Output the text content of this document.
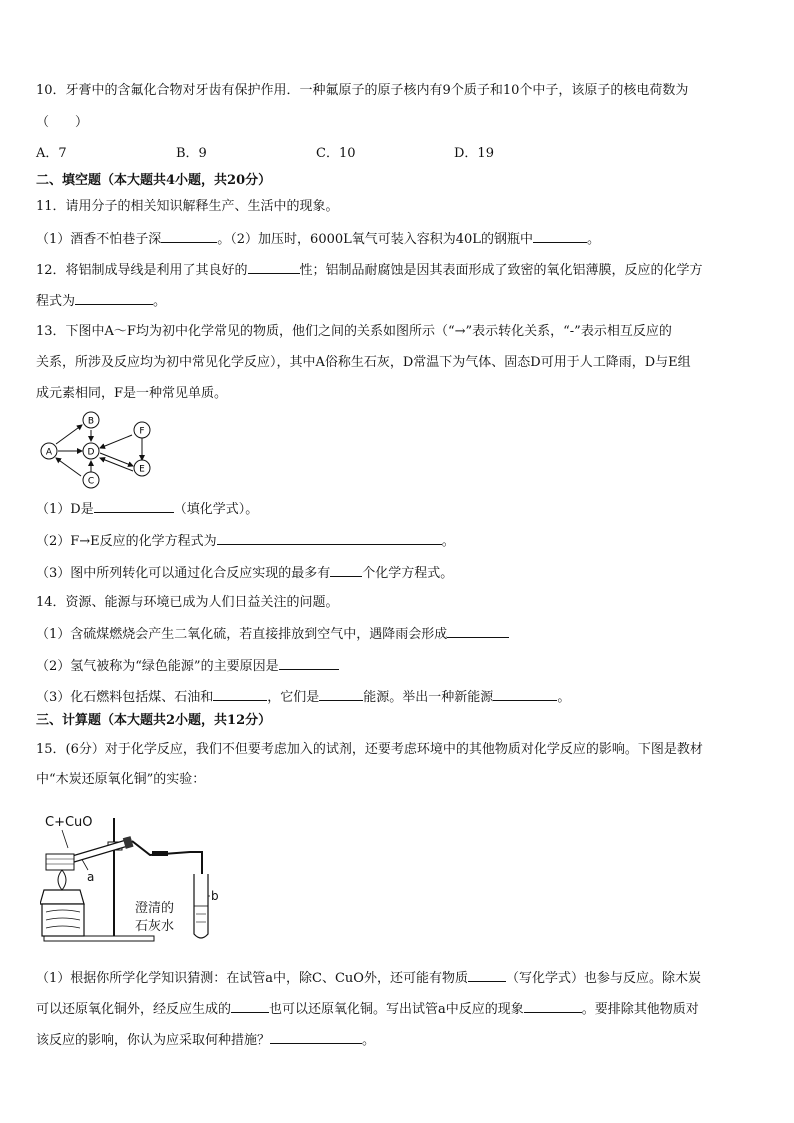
10．牙膏中的含氟化合物对牙齿有保护作用．一种氟原子的原子核内有9个质子和10个中子，该原子的核电荷数为
（　　）
A．7	B．9	C．10	D．19
二、填空题（本大题共4小题，共20分）
11．请用分子的相关知识解释生产、生活中的现象。
（1）酒香不怕巷子深	。（2）加压时，6000L氧气可装入容积为40L的钢瓶中	。
12．将铝制成导线是利用了其良好的	性；铝制品耐腐蚀是因其表面形成了致密的氧化铝薄膜，反应的化学方
程式为	。
13．下图中A～F均为初中化学常见的物质，他们之间的关系如图所示（“→”表示转化关系，“-”表示相互反应的
关系，所涉及反应均为初中常见化学反应），其中A俗称生石灰，D常温下为气体、固态D可用于人工降雨，D与E组
成元素相同，F是一种常见单质。
A
B
C
D
E
F
（1）D是	（填化学式）。
（2）F→E反应的化学方程式为	。
（3）图中所列转化可以通过化合反应实现的最多有 个化学方程式。
14．资源、能源与环境已成为人们日益关注的问题。
（1）含硫煤燃烧会产生二氧化硫，若直接排放到空气中，遇降雨会形成
（2）氢气被称为“绿色能源”的主要原因是
（3）化石燃料包括煤、石油和	，它们是	能源。举出一种新能源	。
三、计算题（本大题共2小题，共12分）
15．(6分）对于化学反应，我们不但要考虑加入的试剂，还要考虑环境中的其他物质对化学反应的影响。下图是教材
中“木炭还原氧化铜”的实验：
C+CuO
a
b
澄清的
石灰水
（1）根据你所学化学知识猜测：在试管a中，除C、CuO外，还可能有物质	（写化学式）也参与反应。除木炭
可以还原氧化铜外，经反应生成的	也可以还原氧化铜。写出试管a中反应的现象	。要排除其他物质对
该反应的影响，你认为应采取何种措施？	。
